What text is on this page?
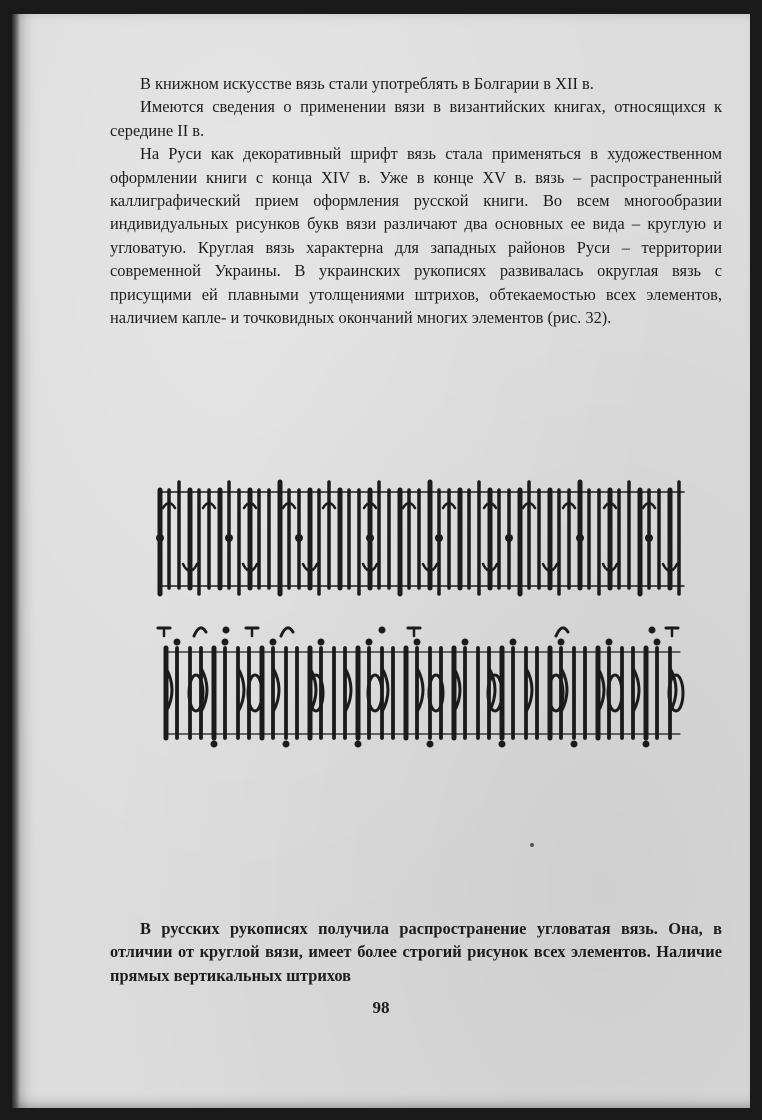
В книжном искусстве вязь стали употреблять в Болгарии в XII в.

Имеются сведения о применении вязи в византийских книгах, относящихся к середине II в.

На Руси как декоративный шрифт вязь стала применяться в художественном оформлении книги с конца XIV в. Уже в конце XV в. вязь – распространенный каллиграфический прием оформления русской книги. Во всем многообразии индивидуальных рисунков букв вязи различают два основных ее вида – круглую и угловатую. Круглая вязь характерна для западных районов Руси – территории современной Украины. В украинских рукописях развивалась округлая вязь с присущими ей плавными утолщениями штрихов, обтекаемостью всех элементов, наличием капле- и точковидных окончаний многих элементов (рис. 32).

В русских рукописях получила распространение угловатая вязь. Она, в отличии от круглой вязи, имеет более строгий рисунок всех элементов. Наличие прямых вертикальных штрихов

98
